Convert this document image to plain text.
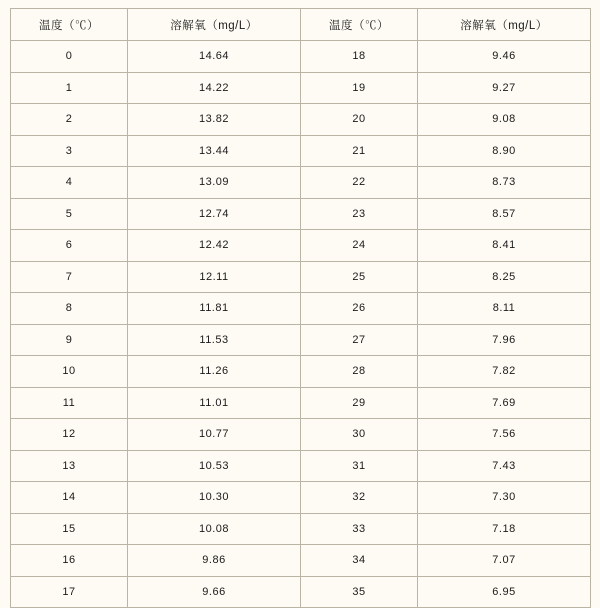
温度（℃）	溶解氧（mg/L）	温度（℃）	溶解氧（mg/L）
0	14.64	18	9.46
1	14.22	19	9.27
2	13.82	20	9.08
3	13.44	21	8.90
4	13.09	22	8.73
5	12.74	23	8.57
6	12.42	24	8.41
7	12.11	25	8.25
8	11.81	26	8.11
9	11.53	27	7.96
10	11.26	28	7.82
11	11.01	29	7.69
12	10.77	30	7.56
13	10.53	31	7.43
14	10.30	32	7.30
15	10.08	33	7.18
16	9.86	34	7.07
17	9.66	35	6.95
